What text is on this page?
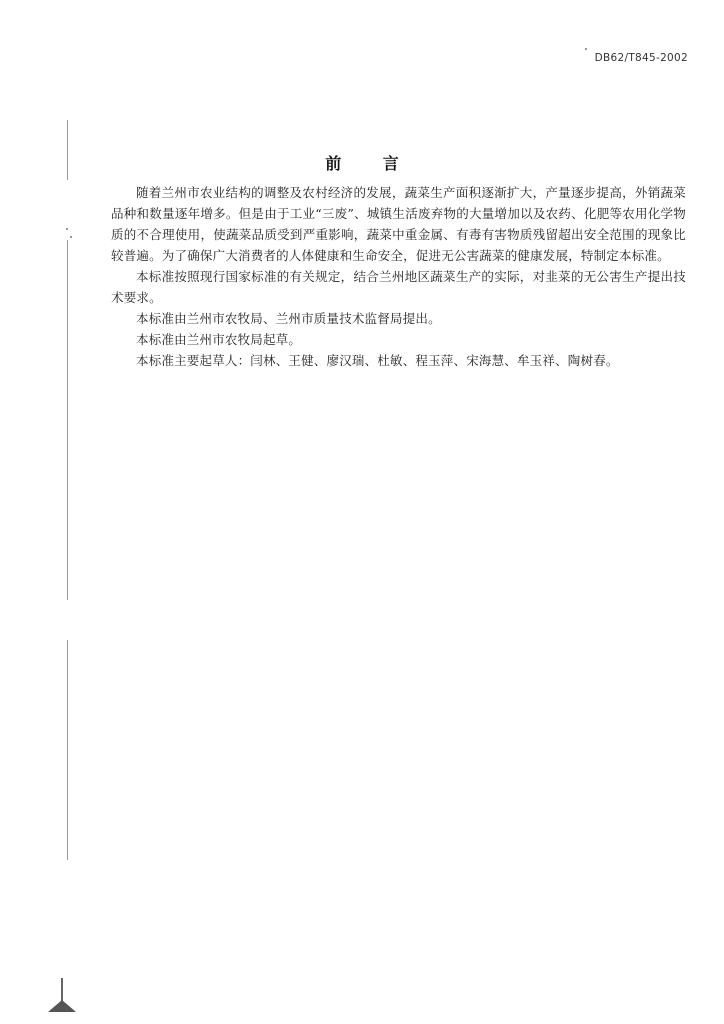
DB62/T845-2002
前 言

随着兰州市农业结构的调整及农村经济的发展，蔬菜生产面积逐渐扩大，产量逐步提高，外销蔬菜品种和数量逐年增多。但是由于工业“三废”、城镇生活废弃物的大量增加以及农药、化肥等农用化学物质的不合理使用，使蔬菜品质受到严重影响，蔬菜中重金属、有毒有害物质残留超出安全范围的现象比较普遍。为了确保广大消费者的人体健康和生命安全，促进无公害蔬菜的健康发展，特制定本标准。

本标准按照现行国家标准的有关规定，结合兰州地区蔬菜生产的实际，对韭菜的无公害生产提出技术要求。

本标准由兰州市农牧局、兰州市质量技术监督局提出。

本标准由兰州市农牧局起草。

本标准主要起草人：闫林、王健、廖汉瑞、杜敏、程玉萍、宋海慧、牟玉祥、陶树春。
